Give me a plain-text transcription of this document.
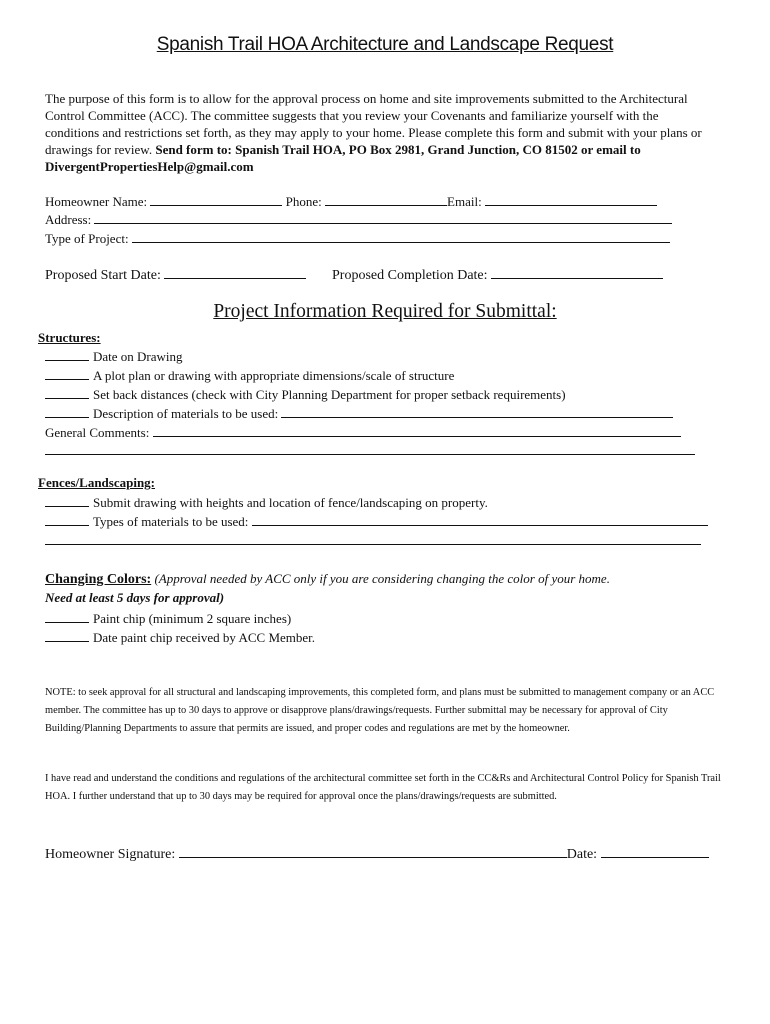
Spanish Trail HOA Architecture and Landscape Request
The purpose of this form is to allow for the approval process on home and site improvements submitted to the Architectural Control Committee (ACC). The committee suggests that you review your Covenants and familiarize yourself with the conditions and restrictions set forth, as they may apply to your home. Please complete this form and submit with your plans or drawings for review. Send form to: Spanish Trail HOA, PO Box 2981, Grand Junction, CO 81502 or email to DivergentPropertiesHelp@gmail.com
Homeowner Name:	Phone:	Email:
Address:
Type of Project:
Proposed Start Date:	Proposed Completion Date:
Project Information Required for Submittal:
Structures:
Date on Drawing
A plot plan or drawing with appropriate dimensions/scale of structure
Set back distances (check with City Planning Department for proper setback requirements)
Description of materials to be used:
General Comments:
Fences/Landscaping:
Submit drawing with heights and location of fence/landscaping on property.
Types of materials to be used:
Changing Colors: (Approval needed by ACC only if you are considering changing the color of your home.
Need at least 5 days for approval)
Paint chip (minimum 2 square inches)
Date paint chip received by ACC Member.
NOTE: to seek approval for all structural and landscaping improvements, this completed form, and plans must be submitted to management company or an ACC member. The committee has up to 30 days to approve or disapprove plans/drawings/requests. Further submittal may be necessary for approval of City Building/Planning Departments to assure that permits are issued, and proper codes and regulations are met by the homeowner.
I have read and understand the conditions and regulations of the architectural committee set forth in the CC&Rs and Architectural Control Policy for Spanish Trail HOA. I further understand that up to 30 days may be required for approval once the plans/drawings/requests are submitted.
Homeowner Signature:	Date:
